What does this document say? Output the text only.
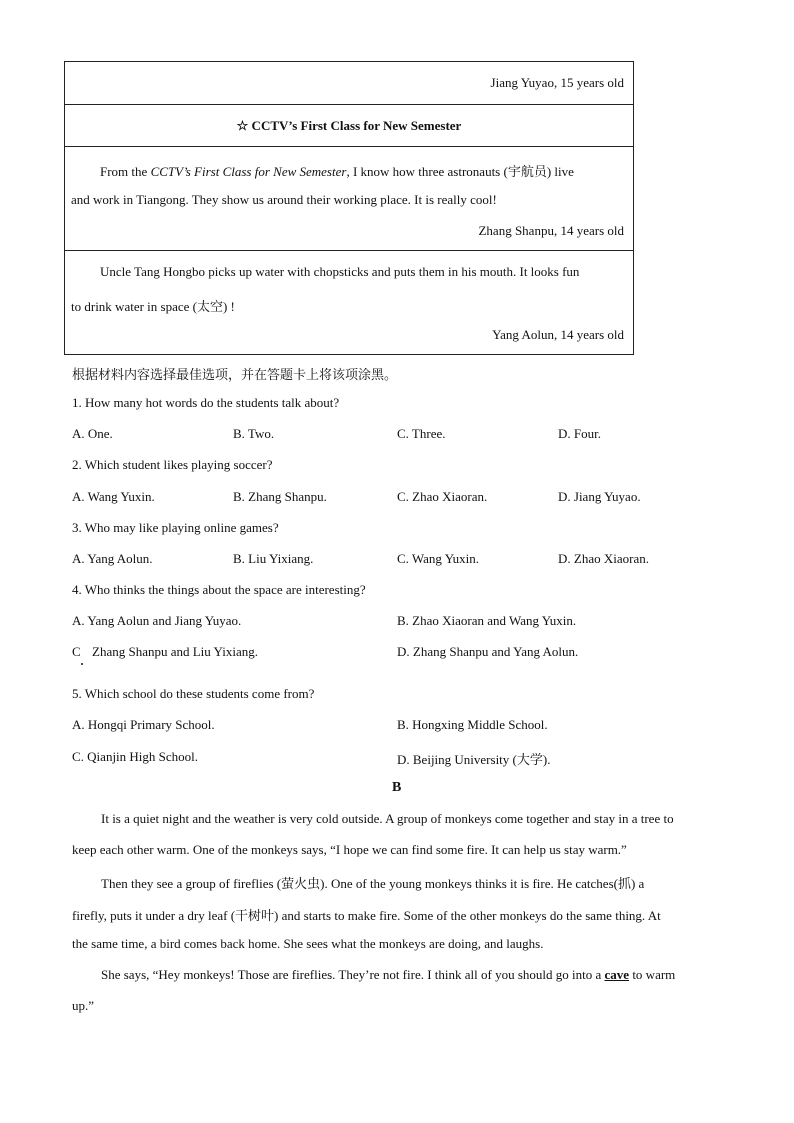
Jiang Yuyao, 15 years old
☆ CCTV’s First Class for New Semester
From the CCTV’s First Class for New Semester, I know how three astronauts (宇航员) live
and work in Tiangong. They show us around their working place. It is really cool!
Zhang Shanpu, 14 years old
Uncle Tang Hongbo picks up water with chopsticks and puts them in his mouth. It looks fun
to drink water in space (太空) !
Yang Aolun, 14 years old
根据材料内容选择最佳选项，并在答题卡上将该项涂黑。
1. How many hot words do the students talk about?
A. One.	B. Two.	C. Three.	D. Four.
2. Which student likes playing soccer?
A. Wang Yuxin.	B. Zhang Shanpu.	C. Zhao Xiaoran.	D. Jiang Yuyao.
3. Who may like playing online games?
A. Yang Aolun.	B. Liu Yixiang.	C. Wang Yuxin.	D. Zhao Xiaoran.
4. Who thinks the things about the space are interesting?
A. Yang Aolun and Jiang Yuyao.	B. Zhao Xiaoran and Wang Yuxin.
C Zhang Shanpu and Liu Yixiang.	D. Zhang Shanpu and Yang Aolun.
5. Which school do these students come from?
A. Hongqi Primary School.	B. Hongxing Middle School.
C. Qianjin High School.	D. Beijing University (大学).
B
It is a quiet night and the weather is very cold outside. A group of monkeys come together and stay in a tree to
keep each other warm. One of the monkeys says, “I hope we can find some fire. It can help us stay warm.”
Then they see a group of fireflies (萤火虫). One of the young monkeys thinks it is fire. He catches(抓) a
firefly, puts it under a dry leaf (干树叶) and starts to make fire. Some of the other monkeys do the same thing. At
the same time, a bird comes back home. She sees what the monkeys are doing, and laughs.
She says, “Hey monkeys! Those are fireflies. They’re not fire. I think all of you should go into a cave to warm
up.”
